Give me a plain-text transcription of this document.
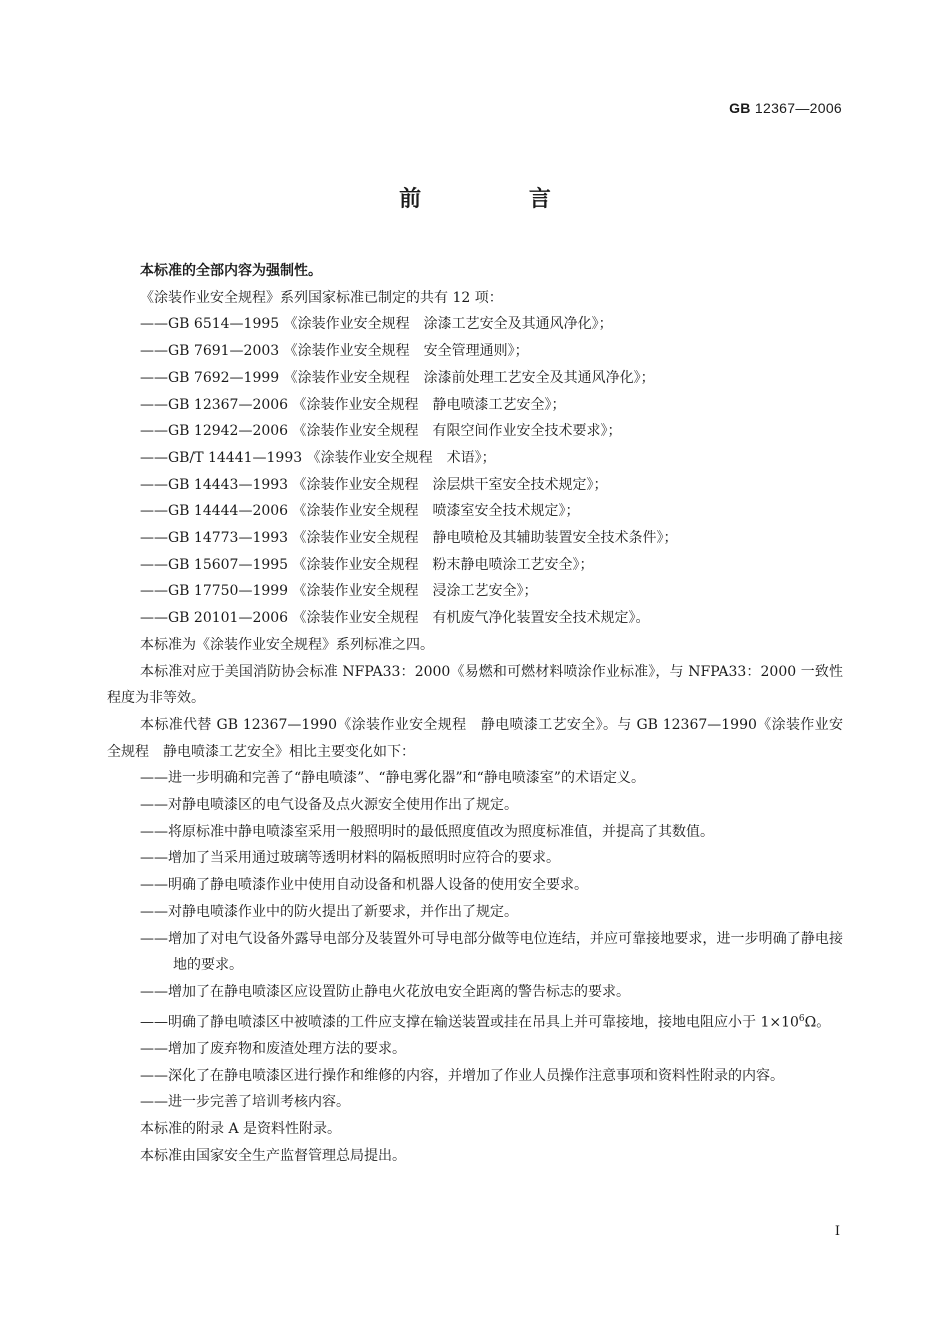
GB 12367—2006
前 言

本标准的全部内容为强制性。

《涂装作业安全规程》系列国家标准已制定的共有 12 项：

——GB 6514—1995 《涂装作业安全规程　涂漆工艺安全及其通风净化》；

——GB 7691—2003 《涂装作业安全规程　安全管理通则》；

——GB 7692—1999 《涂装作业安全规程　涂漆前处理工艺安全及其通风净化》；

——GB 12367—2006 《涂装作业安全规程　静电喷漆工艺安全》；

——GB 12942—2006 《涂装作业安全规程　有限空间作业安全技术要求》；

——GB/T 14441—1993 《涂装作业安全规程　术语》；

——GB 14443—1993 《涂装作业安全规程　涂层烘干室安全技术规定》；

——GB 14444—2006 《涂装作业安全规程　喷漆室安全技术规定》；

——GB 14773—1993 《涂装作业安全规程　静电喷枪及其辅助装置安全技术条件》；

——GB 15607—1995 《涂装作业安全规程　粉末静电喷涂工艺安全》；

——GB 17750—1999 《涂装作业安全规程　浸涂工艺安全》；

——GB 20101—2006 《涂装作业安全规程　有机废气净化装置安全技术规定》。

本标准为《涂装作业安全规程》系列标准之四。

本标准对应于美国消防协会标准 NFPA33：2000《易燃和可燃材料喷涂作业标准》，与 NFPA33：2000 一致性程度为非等效。

本标准代替 GB 12367—1990《涂装作业安全规程　静电喷漆工艺安全》。与 GB 12367—1990《涂装作业安全规程　静电喷漆工艺安全》相比主要变化如下：

——进一步明确和完善了“静电喷漆”、“静电雾化器”和“静电喷漆室”的术语定义。

——对静电喷漆区的电气设备及点火源安全使用作出了规定。

——将原标准中静电喷漆室采用一般照明时的最低照度值改为照度标准值，并提高了其数值。

——增加了当采用通过玻璃等透明材料的隔板照明时应符合的要求。

——明确了静电喷漆作业中使用自动设备和机器人设备的使用安全要求。

——对静电喷漆作业中的防火提出了新要求，并作出了规定。

——增加了对电气设备外露导电部分及装置外可导电部分做等电位连结，并应可靠接地要求，进一步明确了静电接地的要求。

——增加了在静电喷漆区应设置防止静电火花放电安全距离的警告标志的要求。

——明确了静电喷漆区中被喷漆的工件应支撑在输送装置或挂在吊具上并可靠接地，接地电阻应小于 $1\times 10^6\Omega$。

——增加了废弃物和废渣处理方法的要求。

——深化了在静电喷漆区进行操作和维修的内容，并增加了作业人员操作注意事项和资料性附录的内容。

——进一步完善了培训考核内容。

本标准的附录 A 是资料性附录。

本标准由国家安全生产监督管理总局提出。

I
